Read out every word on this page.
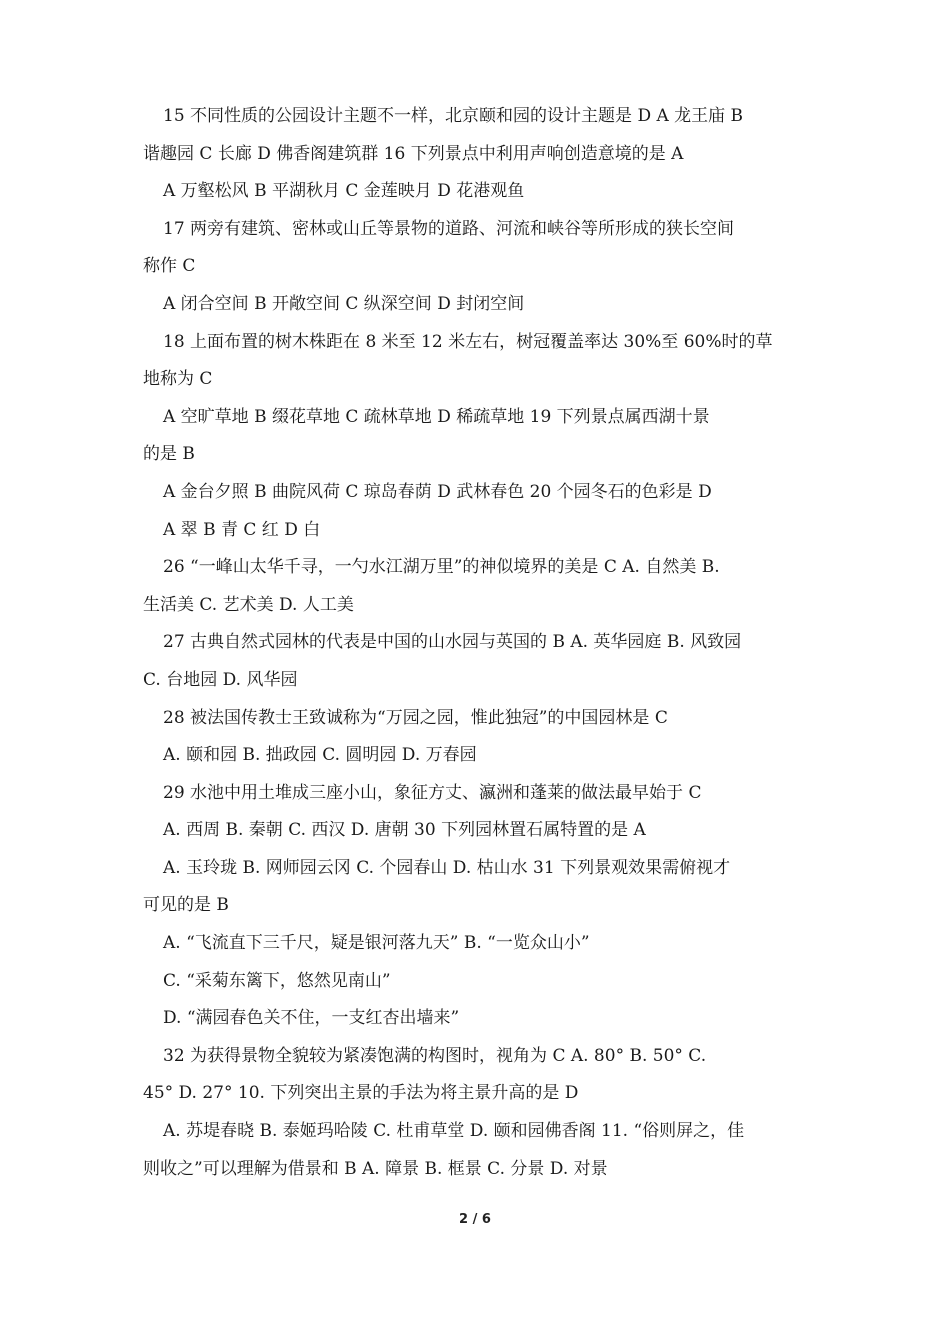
15 不同性质的公园设计主题不一样，北京颐和园的设计主题是 D A 龙王庙 B
谐趣园 C 长廊 D 佛香阁建筑群 16 下列景点中利用声响创造意境的是 A
A 万壑松风 B 平湖秋月 C 金莲映月 D 花港观鱼
17 两旁有建筑、密林或山丘等景物的道路、河流和峡谷等所形成的狭长空间
称作 C
A 闭合空间 B 开敞空间 C 纵深空间 D 封闭空间
18 上面布置的树木株距在 8 米至 12 米左右，树冠覆盖率达 30%至 60%时的草
地称为 C
A 空旷草地 B 缀花草地 C 疏林草地 D 稀疏草地 19 下列景点属西湖十景
的是 B
A 金台夕照 B 曲院风荷 C 琼岛春荫 D 武林春色 20 个园冬石的色彩是 D
A 翠 B 青 C 红 D 白
26 “一峰山太华千寻，一勺水江湖万里”的神似境界的美是 C A. 自然美 B.
生活美 C. 艺术美 D. 人工美
27 古典自然式园林的代表是中国的山水园与英国的 B A. 英华园庭 B. 风致园
C. 台地园 D. 风华园
28 被法国传教士王致诚称为“万园之园，惟此独冠”的中国园林是 C
A. 颐和园 B. 拙政园 C. 圆明园 D. 万春园
29 水池中用土堆成三座小山，象征方丈、瀛洲和蓬莱的做法最早始于 C
A. 西周 B. 秦朝 C. 西汉 D. 唐朝 30 下列园林置石属特置的是 A
A. 玉玲珑 B. 网师园云冈 C. 个园春山 D. 枯山水 31 下列景观效果需俯视才
可见的是 B
A. “飞流直下三千尺，疑是银河落九天” B. “一览众山小”
C. “采菊东篱下，悠然见南山”
D. “满园春色关不住，一支红杏出墙来”
32 为获得景物全貌较为紧凑饱满的构图时，视角为 C A. 80° B. 50° C.
45° D. 27° 10. 下列突出主景的手法为将主景升高的是 D
A. 苏堤春晓 B. 泰姬玛哈陵 C. 杜甫草堂 D. 颐和园佛香阁 11. “俗则屏之，佳
则收之”可以理解为借景和 B A. 障景 B. 框景 C. 分景 D. 对景
2 / 6
